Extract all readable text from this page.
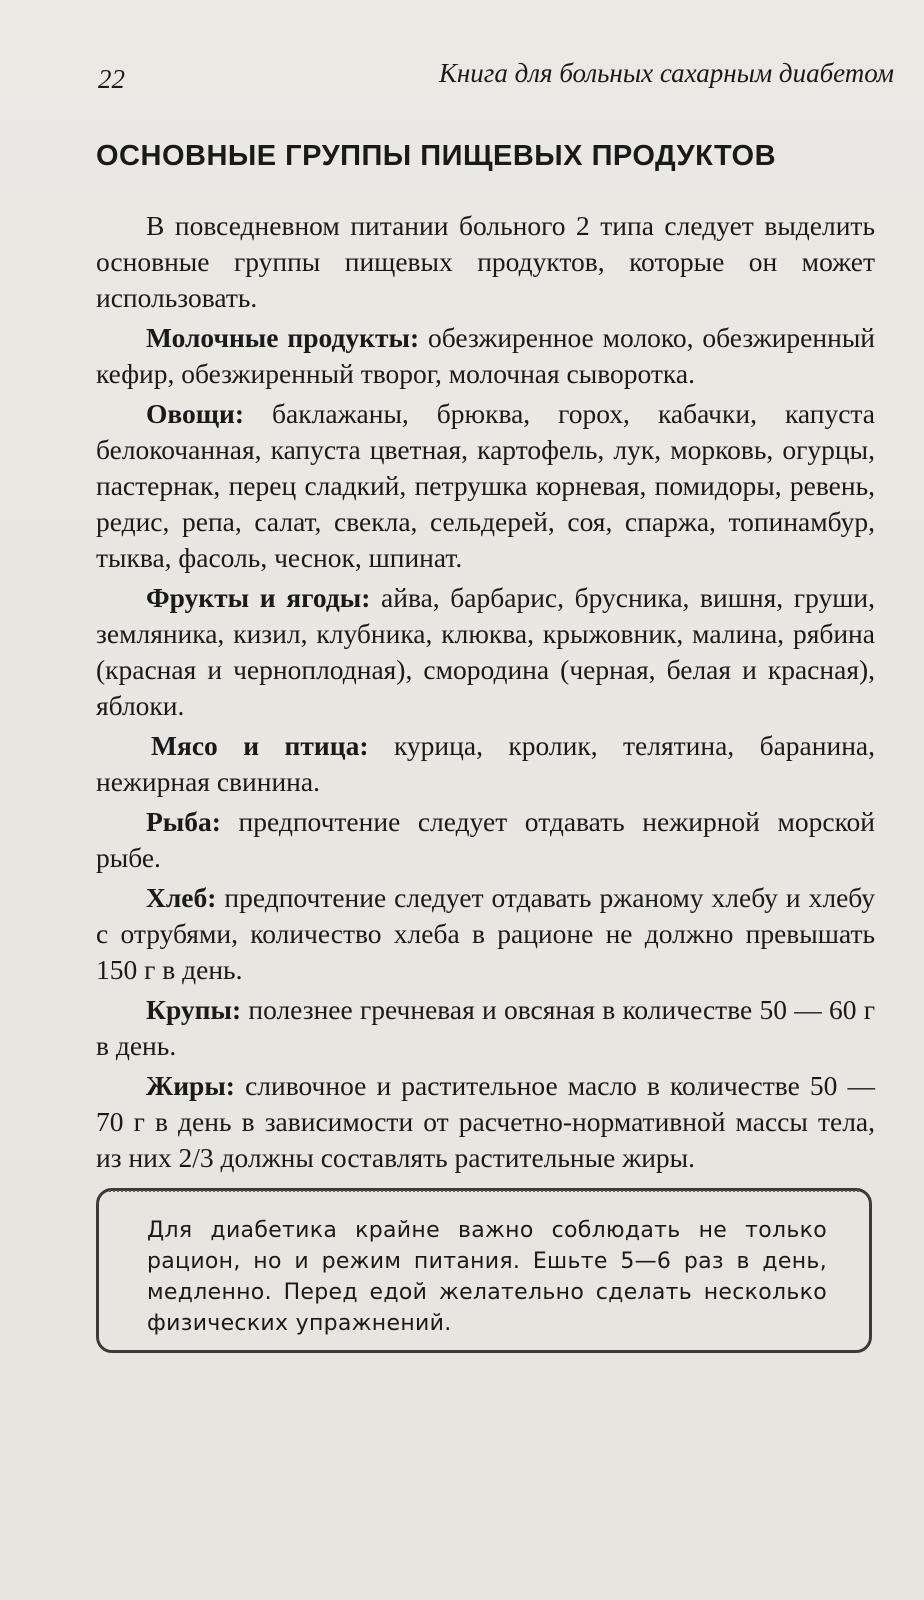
22	Книга для больных сахарным диабетом
ОСНОВНЫЕ ГРУППЫ ПИЩЕВЫХ ПРОДУКТОВ

В повседневном питании больного 2 типа следует выделить основные группы пищевых продуктов, которые он может использовать.

Молочные продукты: обезжиренное молоко, обезжиренный кефир, обезжиренный творог, молочная сыворотка.

Овощи: баклажаны, брюква, горох, кабачки, капуста белокочанная, капуста цветная, картофель, лук, морковь, огурцы, пастернак, перец сладкий, петрушка корневая, помидоры, ревень, редис, репа, салат, свекла, сельдерей, соя, спаржа, топинамбур, тыква, фасоль, чеснок, шпинат.

Фрукты и ягоды: айва, барбарис, брусника, вишня, груши, земляника, кизил, клубника, клюква, крыжовник, малина, рябина (красная и черноплодная), смородина (черная, белая и красная), яблоки.

Мясо и птица: курица, кролик, телятина, баранина, нежирная свинина.

Рыба: предпочтение следует отдавать нежирной морской рыбе.

Хлеб: предпочтение следует отдавать ржаному хлебу и хлебу с отрубями, количество хлеба в рационе не должно превышать 150 г в день.

Крупы: полезнее гречневая и овсяная в количестве 50 — 60 г в день.

Жиры: сливочное и растительное масло в количестве 50 — 70 г в день в зависимости от расчетно-нормативной массы тела, из них 2/3 должны составлять растительные жиры.

Для диабетика крайне важно соблюдать не только рацион, но и режим питания. Ешьте 5—6 раз в день, медленно. Перед едой желательно сделать несколько физических упражнений.
